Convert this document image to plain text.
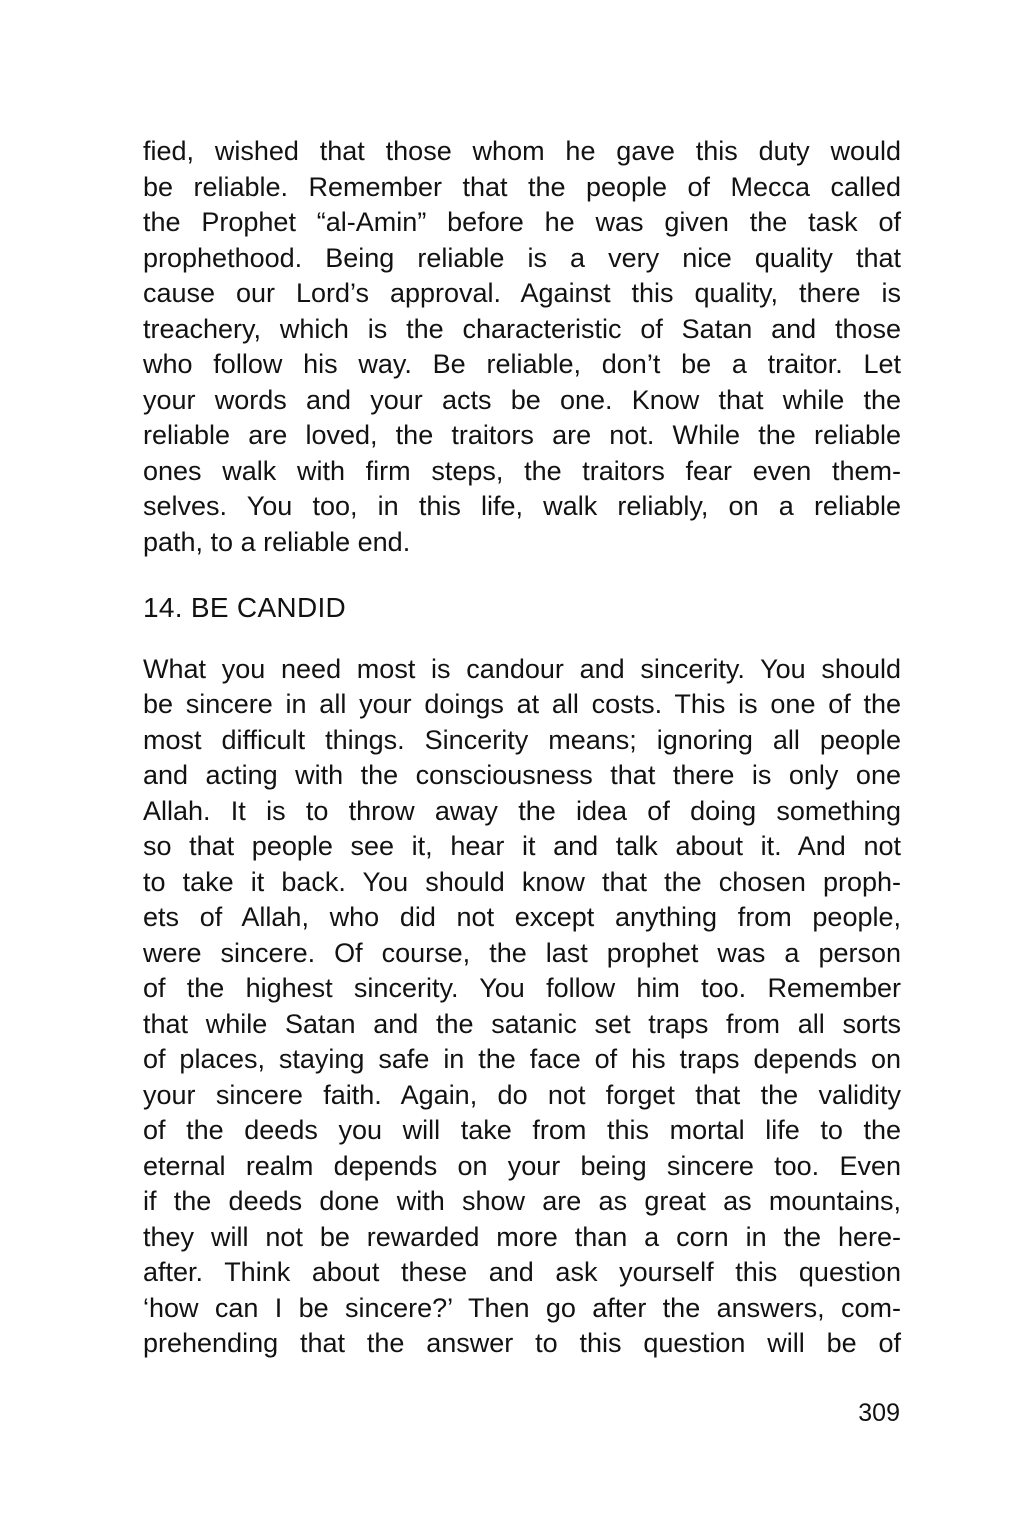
fied, wished that those whom he gave this duty would
be reliable. Remember that the people of Mecca called
the Prophet “al-Amin” before he was given the task of
prophethood. Being reliable is a very nice quality that
cause our Lord’s approval. Against this quality, there is
treachery, which is the characteristic of Satan and those
who follow his way. Be reliable, don’t be a traitor. Let
your words and your acts be one. Know that while the
reliable are loved, the traitors are not. While the reliable
ones walk with firm steps, the traitors fear even them-
selves. You too, in this life, walk reliably, on a reliable
path, to a reliable end.
14. BE CANDID
What you need most is candour and sincerity. You should
be sincere in all your doings at all costs. This is one of the
most difficult things. Sincerity means; ignoring all people
and acting with the consciousness that there is only one
Allah. It is to throw away the idea of doing something
so that people see it, hear it and talk about it. And not
to take it back. You should know that the chosen proph-
ets of Allah, who did not except anything from people,
were sincere. Of course, the last prophet was a person
of the highest sincerity. You follow him too. Remember
that while Satan and the satanic set traps from all sorts
of places, staying safe in the face of his traps depends on
your sincere faith. Again, do not forget that the validity
of the deeds you will take from this mortal life to the
eternal realm depends on your being sincere too. Even
if the deeds done with show are as great as mountains,
they will not be rewarded more than a corn in the here-
after. Think about these and ask yourself this question
‘how can I be sincere?’ Then go after the answers, com-
prehending that the answer to this question will be of
309
